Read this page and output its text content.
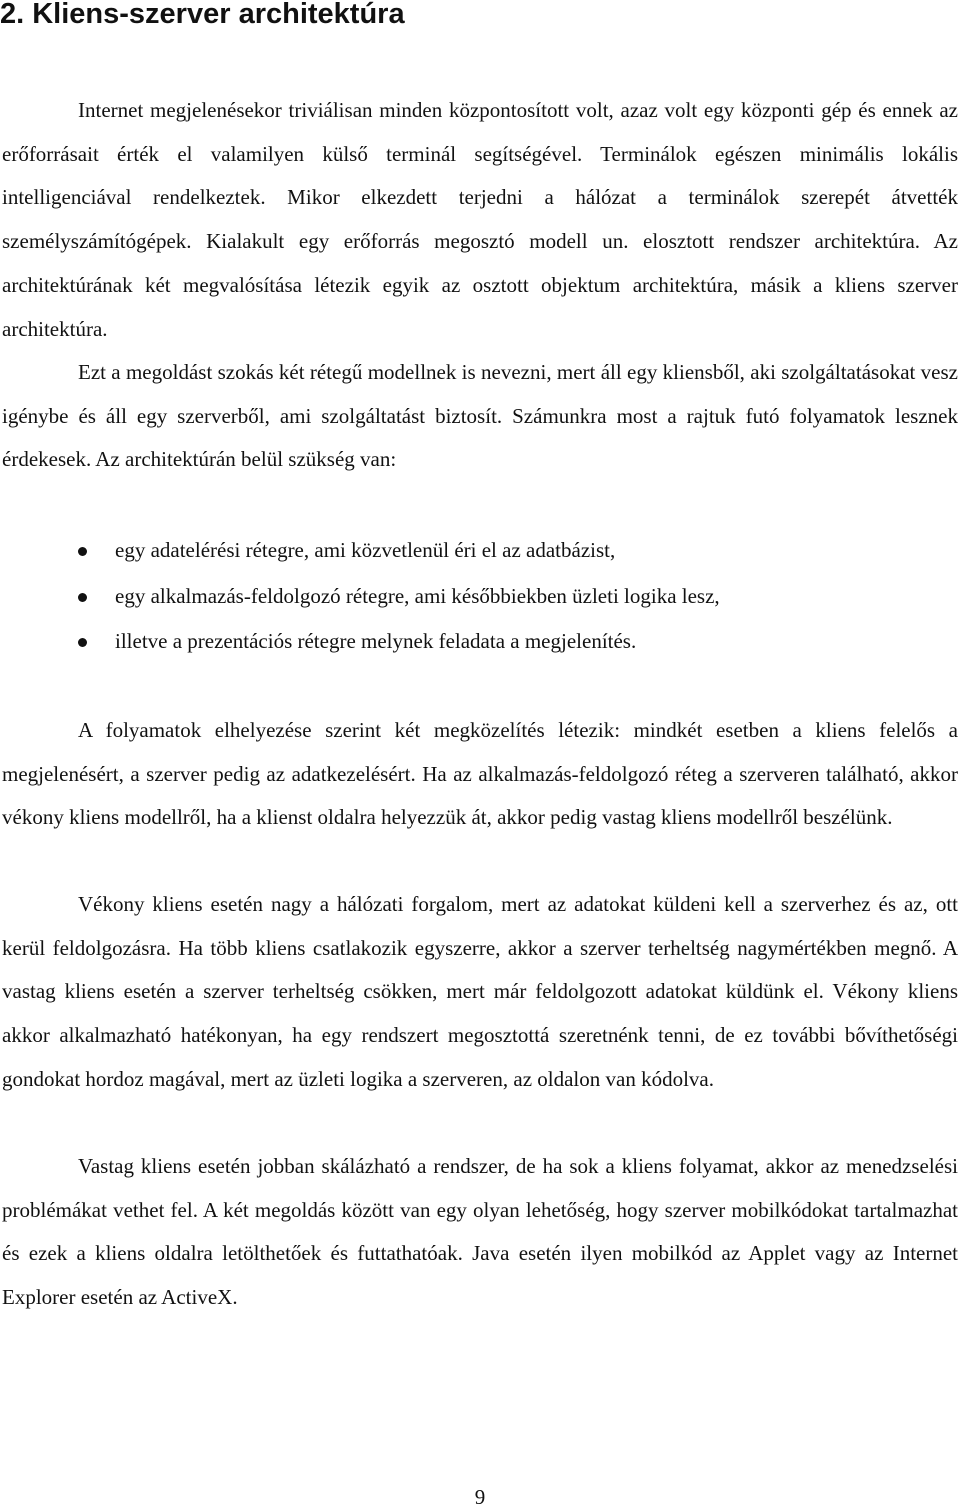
2. Kliens-szerver architektúra

Internet megjelenésekor triviálisan minden központosított volt, azaz volt egy központi gép és ennek az erőforrásait érték el valamilyen külső terminál segítségével. Terminálok egészen minimális lokális intelligenciával rendelkeztek. Mikor elkezdett terjedni a hálózat a terminálok szerepét átvették személyszámítógépek. Kialakult egy erőforrás megosztó modell un. elosztott rendszer architektúra. Az architektúrának két megvalósítása létezik egyik az osztott objektum architektúra, másik a kliens szerver architektúra.

Ezt a megoldást szokás két rétegű modellnek is nevezni, mert áll egy kliensből, aki szolgáltatásokat vesz igénybe és áll egy szerverből, ami szolgáltatást biztosít. Számunkra most a rajtuk futó folyamatok lesznek érdekesek. Az architektúrán belül szükség van:

egy adatelérési rétegre, ami közvetlenül éri el az adatbázist,
egy alkalmazás-feldolgozó rétegre, ami későbbiekben üzleti logika lesz,
illetve a prezentációs rétegre melynek feladata a megjelenítés.

A folyamatok elhelyezése szerint két megközelítés létezik: mindkét esetben a kliens felelős a megjelenésért, a szerver pedig az adatkezelésért. Ha az alkalmazás-feldolgozó réteg a szerveren található, akkor vékony kliens modellről, ha a klienst oldalra helyezzük át, akkor pedig vastag kliens modellről beszélünk.

Vékony kliens esetén nagy a hálózati forgalom, mert az adatokat küldeni kell a szerverhez és az, ott kerül feldolgozásra. Ha több kliens csatlakozik egyszerre, akkor a szerver terheltség nagymértékben megnő. A vastag kliens esetén a szerver terheltség csökken, mert már feldolgozott adatokat küldünk el. Vékony kliens akkor alkalmazható hatékonyan, ha egy rendszert megosztottá szeretnénk tenni, de ez további bővíthetőségi gondokat hordoz magával, mert az üzleti logika a szerveren, az oldalon van kódolva.

Vastag kliens esetén jobban skálázható a rendszer, de ha sok a kliens folyamat, akkor az menedzselési problémákat vethet fel. A két megoldás között van egy olyan lehetőség, hogy szerver mobilkódokat tartalmazhat és ezek a kliens oldalra letölthetőek és futtathatóak. Java esetén ilyen mobilkód az Applet vagy az Internet Explorer esetén az ActiveX.

9
